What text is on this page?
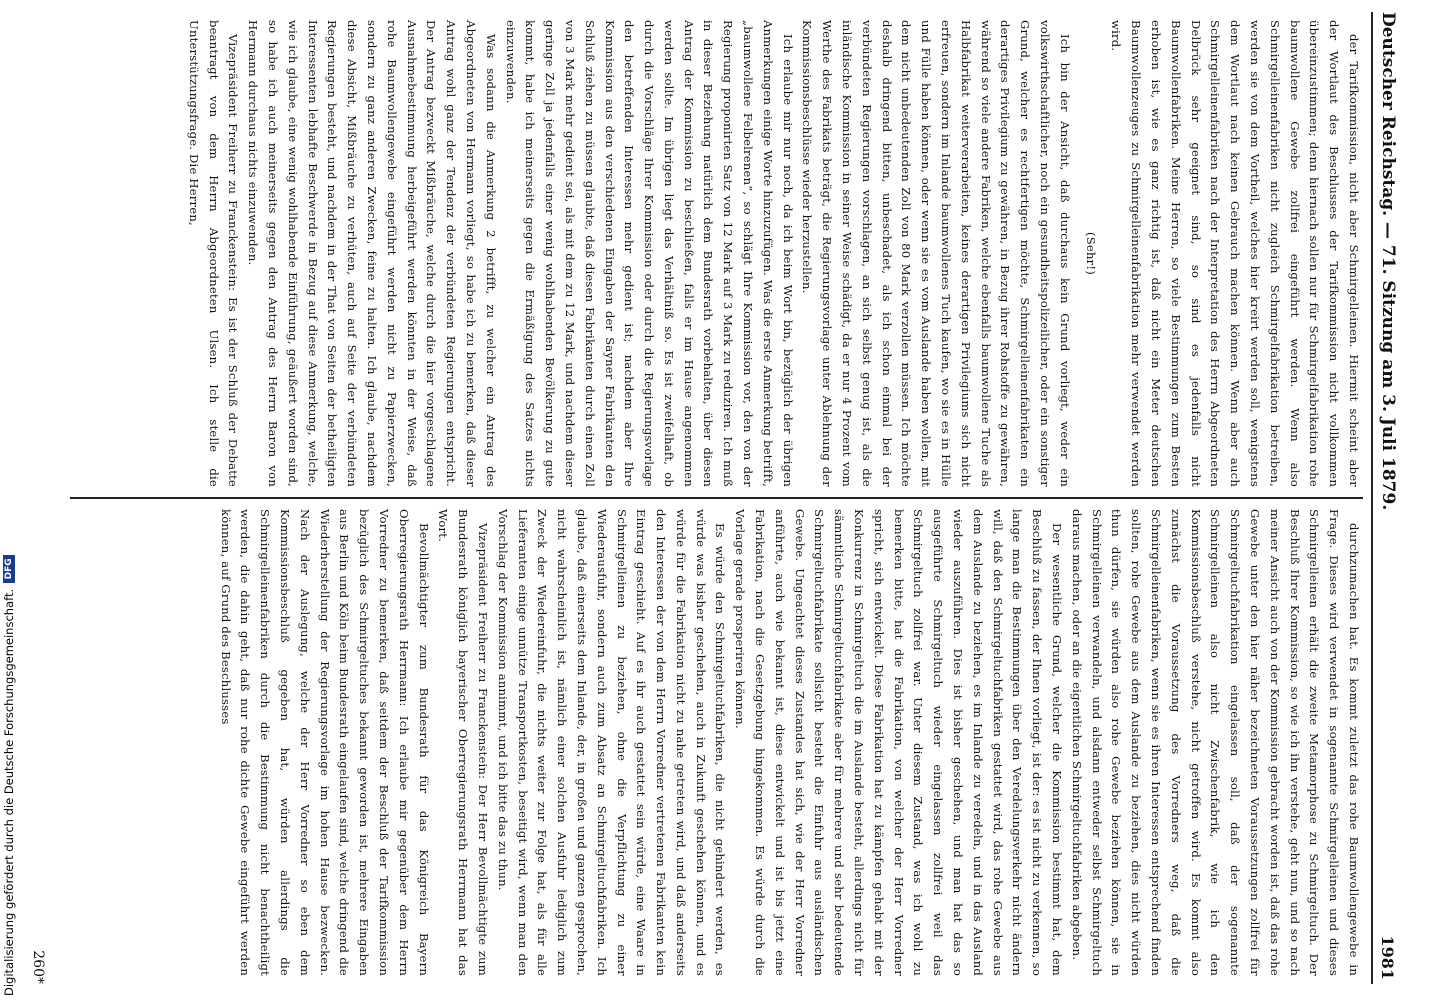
Deutscher Reichstag. — 71. Sitzung am 3. Juli 1879.
1981

der Tarifkommission, nicht aber Schmirgelleinen. Hiermit scheint aber der Wortlaut des Beschlusses der Tarifkommission nicht vollkommen übereinzustimmen; denn hiernach sollen nur für Schmirgelfabrikation rohe baumwollene Gewebe zollfrei eingeführt werden. Wenn also Schmirgelleinenfabriken nicht zugleich Schmirgelfabrikation betreiben, werden sie von dem Vortheil, welches hier kreirt werden soll, wenigstens dem Wortlaut nach keinen Gebrauch machen können. Wenn aber auch Schmirgelleinenfabriken nach der Interpretation des Herrn Abgeordneten Delbrück sehr geeignet sind, so sind es jedenfalls nicht Baumwollenfabriken. Meine Herren, so viele Bestimmungen zum Besten erhoben ist, wie es ganz richtig ist, daß nicht ein Meter deutschen Baumwollenzeuges zu Schmirgelleinenfabrikation mehr verwendet werden wird.

(Sehr!)

Ich bin der Ansicht, daß durchaus kein Grund vorliegt, weder ein volkswirthschaftlicher, noch ein gesundheitspolizeilicher, oder ein sonstiger Grund, welcher es rechtfertigen möchte, Schmirgelleinenfabrikaten ein derartiges Privilegium zu gewähren, in Bezug ihrer Rohstoffe zu gewähren, während so viele andere Fabriken, welche ebenfalls baumwollene Tuche als Halbfabrikat weiterverarbeiten, keines derartigen Privilegiums sich nicht erfreuen, sondern im Inlande baumwollenes Tuch kaufen, wo sie es in Hülle und Fülle haben können, oder wenn sie es vom Auslande haben wollen, mit dem nicht unbedeutenden Zoll von 80 Mark verzollen müssen. Ich möchte deshalb dringend bitten, unbeschadet, als ich schon einmal bei der verbündeten Regierungen vorschlagen, an sich selbst genug ist, als die inländische Kommission in seiner Weise schädigt, da er nur 4 Prozent vom Werthe des Fabrikats beträgt, die Regierungsvorlage unter Ablehnung der Kommissionsbeschlüsse wieder herzustellen.

Ich erlaube mir nur noch, da ich beim Wort bin, bezüglich der übrigen Anmerkungen einige Worte hinzuzufügen. Was die erste Anmerkung betrifft, „baumwollene Felbelrenen“, so schlägt Ihre Kommission vor, den von der Regierung proponirten Satz von 12 Mark auf 3 Mark zu reduziren. Ich muß in dieser Beziehung natürlich dem Bundesrath vorbehalten, über diesen Antrag der Kommission zu beschließen, falls er im Hause angenommen werden sollte. Im übrigen liegt das Verhältniß so. Es ist zweifelhaft, ob durch die Vorschläge Ihrer Kommission oder durch die Regierungsvorlage den betreffenden Interessen mehr gedient ist; nachdem aber Ihre Kommission aus den verschiedenen Eingaben der Sayner Fabrikanten den Schluß ziehen zu müssen glaubte, daß diesen Fabrikanten durch einen Zoll von 3 Mark mehr gedient sei, als mit dem zu 12 Mark, und nachdem dieser geringe Zoll ja jedenfalls einer wenig wohlhabenden Bevölkerung zu gute kommt, habe ich meinerseits gegen die Ermäßigung des Satzes nichts einzuwenden.

Was sodann die Anmerkung 2 betrifft, zu welcher ein Antrag des Abgeordneten von Hermann vorliegt, so habe ich zu bemerken, daß dieser Antrag wohl ganz der Tendenz der verbündeten Regierungen entspricht. Der Antrag bezweckt Mißbräuche, welche durch die hier vorgeschlagene Ausnahmebestimmung herbeigeführt werden könnten in der Weise, daß rohe Baumwollengewebe eingeführt werden nicht zu Papierzwecken, sondern zu ganz anderen Zwecken, feine zu halten. Ich glaube, nachdem diese Absicht, Mißbräuche zu verhüten, auch auf Seite der verbündeten Regierungen besteht, und nachdem in der That von Seiten der betheiligten Interessenten lebhafte Beschwerde in Bezug auf diese Anmerkung, welche, wie ich glaube, eine wenig wohlhabende Einführung, geäußert worden sind, so habe ich auch meinerseits gegen den Antrag des Herrn Baron von Hermann durchaus nichts einzuwenden.

Vizepräsident Freiherr zu Franckenstein: Es ist der Schluß der Debatte beantragt von dem Herrn Abgeordneten Ulsen. Ich stelle die Unterstützungsfrage. Die Herren,

durchzumachen hat. Es kommt zuletzt das rohe Baumwollengewebe in Frage. Dieses wird verwendet in sogenannte Schmirgelleinen und dieses Schmirgelleinen erhält die zweite Metamorphose zu Schmirgeltuch. Der Beschluß Ihrer Kommission, so wie ich ihn verstehe, geht nun, und so nach meiner Ansicht auch von der Kommission gebracht worden ist, daß das rohe Gewebe unter den hier näher bezeichneten Voraussetzungen zollfrei für Schmirgeltuchfabrikation eingelassen soll, daß der sogenannte Schmirgelleinen also nicht Zwischenfabrik, wie ich den Kommissionsbeschluß verstehe, nicht getroffen wird. Es kommt also zunächst die Voraussetzung des Vorredners weg, daß die Schmirgelleinenfabriken, wenn sie es ihren Interessen entsprechend finden sollten, rohe Gewebe aus dem Auslande zu beziehen, dies nicht würden thun dürfen, sie würden also rohe Gewebe beziehen können, sie in Schmirgelleinen verwandeln, und alsdann entweder selbst Schmirgeltuch daraus machen, oder an die eigentlichen Schmirgeltuchfabriken abgeben.

Der wesentliche Grund, welcher die Kommission bestimmt hat, dem Beschluß zu fassen, der Ihnen vorliegt, ist der: es ist nicht zu verkennen, so lange man die Bestimmungen über den Veredelungsverkehr nicht ändern will, daß den Schmirgeltuchfabriken gestattet wird, das rohe Gewebe aus dem Auslande zu beziehen, es im Inlande zu veredeln, und in das Ausland wieder auszuführen. Dies ist bisher geschehen, und man hat das so ausgeführte Schmirgeltuch wieder eingelassen zollfrei weil das Schmirgeltuch zollfrei war. Unter diesem Zustand, was ich wohl zu bemerken bitte, hat die Fabrikation, von welcher der Herr Vorredner spricht, sich entwickelt. Diese Fabrikation hat zu kämpfen gehabt mit der Konkurrenz in Schmirgeltuch die im Auslande besteht, allerdings nicht für sämmtliche Schmirgeltuchfabrikate aber für mehrere und sehr bedeutende Schmirgeltuchfabrikate sollsicht besteht die Einfuhr aus ausländischen Gewebe. Ungeachtet dieses Zustandes hat sich, wie der Herr Vorredner anführte, auch wie bekannt ist, diese entwickelt und ist bis jetzt eine Fabrikation, nach die Gesetzgebung hingekommen. Es würde durch die Vorlage gerade prosperiren können.

Es würde den Schmirgeltuchfabriken, die nicht gehindert werden, es würde was bisher geschehen, auch in Zukunft geschehen können, und es würde für die Fabrikation nicht zu nahe getreten wird, und daß anderseits den Interessen der von dem Herrn Vorredner vertretenen Fabrikanten kein Eintrag geschieht. Auf es ihr auch gestattet sein würde, eine Waare in Schmirgelleinen zu beziehen, ohne die Verpflichtung zu einer Wiederausfuhr, sondern auch zum Absatz an Schmirgeltuchfabriken. Ich glaube, daß einerseits dem Inlande, der, in großen und ganzen gesprochen, nicht wahrscheinlich ist, nämlich einer solchen Ausfuhr lediglich zum Zweck der Wiedereinfuhr, die nichts weiter zur Folge hat, als für alle Lieferanten einige unnütze Transportkosten, beseitigt wird, wenn man den Vorschlag der Kommission annimmt, und ich bitte das zu thun.

Vizepräsident Freiherr zu Franckenstein: Der Herr Bevollmächtigte zum Bundesrath königlich bayerischer Oberregierungsrath Herrmann hat das Wort.

Bevollmächtigter zum Bundesrath für das Königreich Bayern Oberregierungsrath Herrmann: Ich erlaube mir gegenüber dem Herrn Vorredner zu bemerken, daß seitdem der Beschluß der Tarifkommission bezüglich des Schmirgeltuches bekannt geworden ist, mehrere Eingaben aus Berlin und Köln beim Bundesrath eingelaufen sind, welche dringend die Wiederherstellung der Regierungsvorlage im hohen Hause bezwecken. Nach der Auslegung, welche der Herr Vorredner so eben dem Kommissionsbeschluß gegeben hat, würden allerdings die Schmirgelleinenfabriken durch die Bestimmung nicht benachtheiligt werden, die dahin geht, daß nur rohe dichte Gewebe eingeführt werden können, auf Grund des Beschlusses

260*
Digitalisierung gefördert durch die Deutsche Forschungsgemeinschaft.
DFG
